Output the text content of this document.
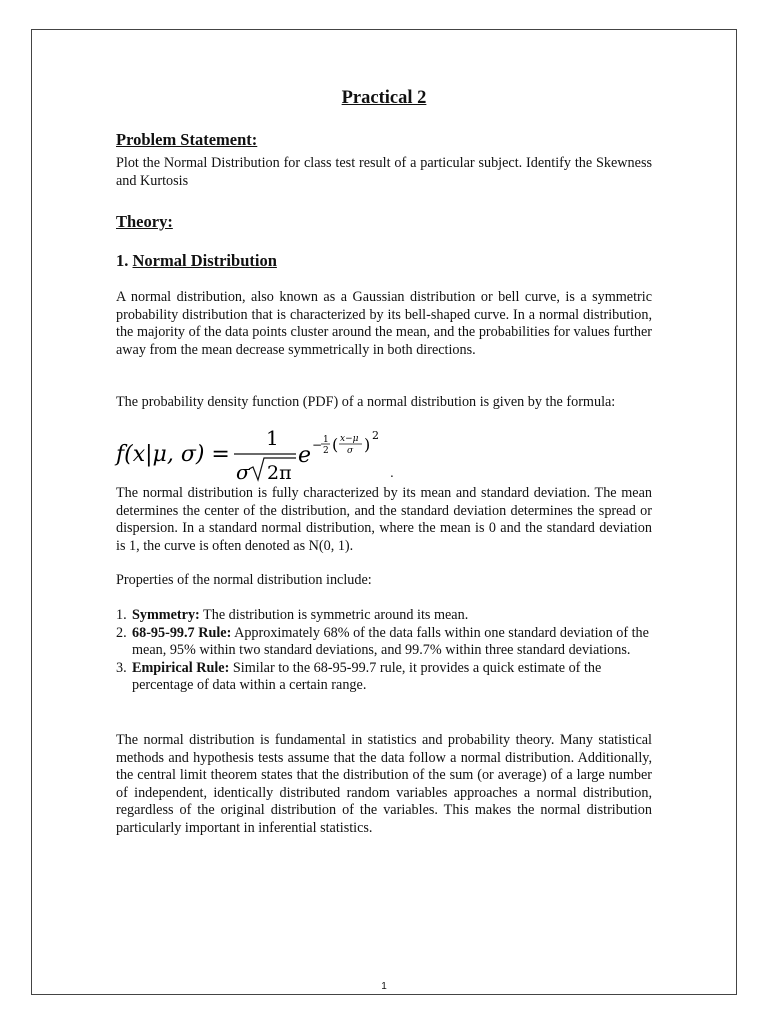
Practical 2
Problem Statement:
Plot the Normal Distribution for class test result of a particular subject. Identify the Skewness and Kurtosis
Theory:
1. Normal Distribution
A normal distribution, also known as a Gaussian distribution or bell curve, is a symmetric probability distribution that is characterized by its bell-shaped curve. In a normal distribution, the majority of the data points cluster around the mean, and the probabilities for values further away from the mean decrease symmetrically in both directions.
The probability density function (PDF) of a normal distribution is given by the formula:
f(x|μ, σ) =
1
σ 2π
e − 1
2 ( x−μ
σ ) 2
.
The normal distribution is fully characterized by its mean and standard deviation. The mean determines the center of the distribution, and the standard deviation determines the spread or dispersion. In a standard normal distribution, where the mean is 0 and the standard deviation is 1, the curve is often denoted as N(0, 1).
Properties of the normal distribution include:
1. Symmetry: The distribution is symmetric around its mean.
2. 68-95-99.7 Rule: Approximately 68% of the data falls within one standard deviation of the mean, 95% within two standard deviations, and 99.7% within three standard deviations.
3. Empirical Rule: Similar to the 68-95-99.7 rule, it provides a quick estimate of the percentage of data within a certain range.
The normal distribution is fundamental in statistics and probability theory. Many statistical methods and hypothesis tests assume that the data follow a normal distribution. Additionally, the central limit theorem states that the distribution of the sum (or average) of a large number of independent, identically distributed random variables approaches a normal distribution, regardless of the original distribution of the variables. This makes the normal distribution particularly important in inferential statistics.
1
